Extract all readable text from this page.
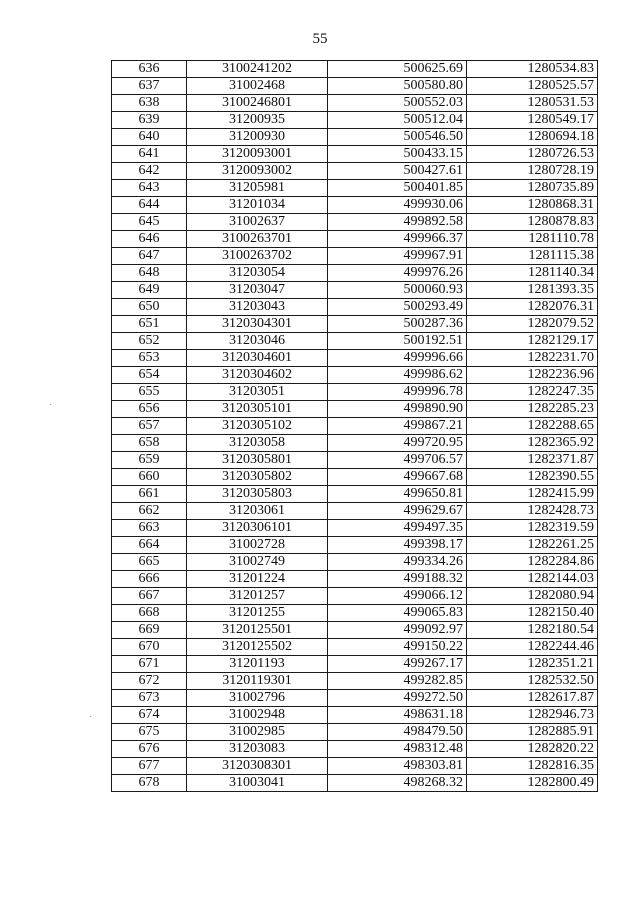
55
636	3100241202	500625.69	1280534.83
637	31002468	500580.80	1280525.57
638	3100246801	500552.03	1280531.53
639	31200935	500512.04	1280549.17
640	31200930	500546.50	1280694.18
641	3120093001	500433.15	1280726.53
642	3120093002	500427.61	1280728.19
643	31205981	500401.85	1280735.89
644	31201034	499930.06	1280868.31
645	31002637	499892.58	1280878.83
646	3100263701	499966.37	1281110.78
647	3100263702	499967.91	1281115.38
648	31203054	499976.26	1281140.34
649	31203047	500060.93	1281393.35
650	31203043	500293.49	1282076.31
651	3120304301	500287.36	1282079.52
652	31203046	500192.51	1282129.17
653	3120304601	499996.66	1282231.70
654	3120304602	499986.62	1282236.96
655	31203051	499996.78	1282247.35
656	3120305101	499890.90	1282285.23
657	3120305102	499867.21	1282288.65
658	31203058	499720.95	1282365.92
659	3120305801	499706.57	1282371.87
660	3120305802	499667.68	1282390.55
661	3120305803	499650.81	1282415.99
662	31203061	499629.67	1282428.73
663	3120306101	499497.35	1282319.59
664	31002728	499398.17	1282261.25
665	31002749	499334.26	1282284.86
666	31201224	499188.32	1282144.03
667	31201257	499066.12	1282080.94
668	31201255	499065.83	1282150.40
669	3120125501	499092.97	1282180.54
670	3120125502	499150.22	1282244.46
671	31201193	499267.17	1282351.21
672	3120119301	499282.85	1282532.50
673	31002796	499272.50	1282617.87
674	31002948	498631.18	1282946.73
675	31002985	498479.50	1282885.91
676	31203083	498312.48	1282820.22
677	3120308301	498303.81	1282816.35
678	31003041	498268.32	1282800.49
